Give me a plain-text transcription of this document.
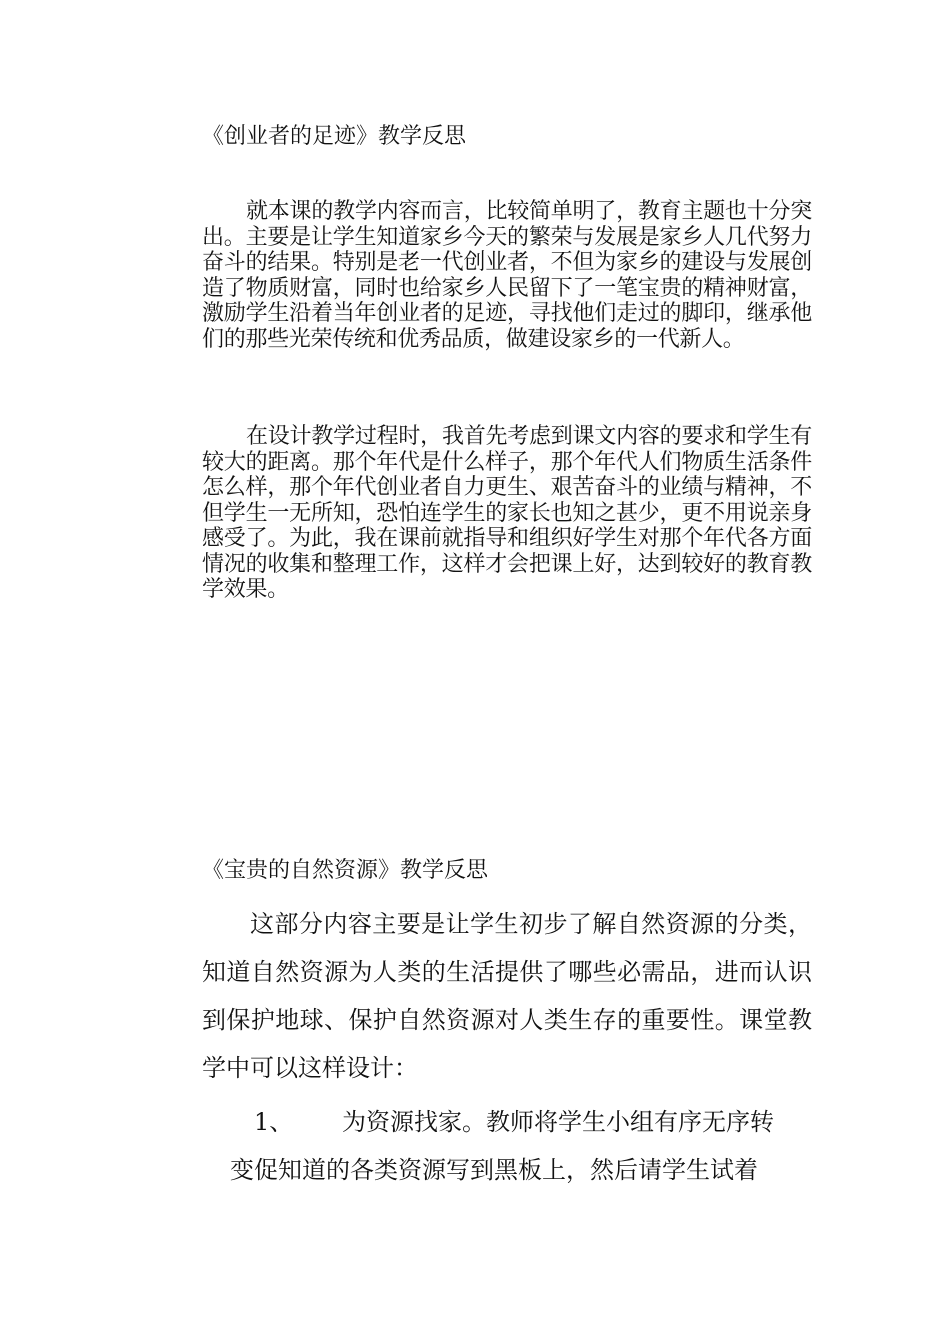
《创业者的足迹》教学反思
就本课的教学内容而言，比较简单明了，教育主题也十分突出。主要是让学生知道家乡今天的繁荣与发展是家乡人几代努力奋斗的结果。特别是老一代创业者，不但为家乡的建设与发展创造了物质财富，同时也给家乡人民留下了一笔宝贵的精神财富，激励学生沿着当年创业者的足迹，寻找他们走过的脚印，继承他们的那些光荣传统和优秀品质，做建设家乡的一代新人。
在设计教学过程时，我首先考虑到课文内容的要求和学生有较大的距离。那个年代是什么样子，那个年代人们物质生活条件怎么样，那个年代创业者自力更生、艰苦奋斗的业绩与精神，不但学生一无所知，恐怕连学生的家长也知之甚少，更不用说亲身感受了。为此，我在课前就指导和组织好学生对那个年代各方面情况的收集和整理工作，这样才会把课上好，达到较好的教育教学效果。
《宝贵的自然资源》教学反思
这部分内容主要是让学生初步了解自然资源的分类，知道自然资源为人类的生活提供了哪些必需品，进而认识到保护地球、保护自然资源对人类生存的重要性。课堂教学中可以这样设计：
1、	为资源找家。教师将学生小组有序无序转
变促知道的各类资源写到黑板上，然后请学生试着
